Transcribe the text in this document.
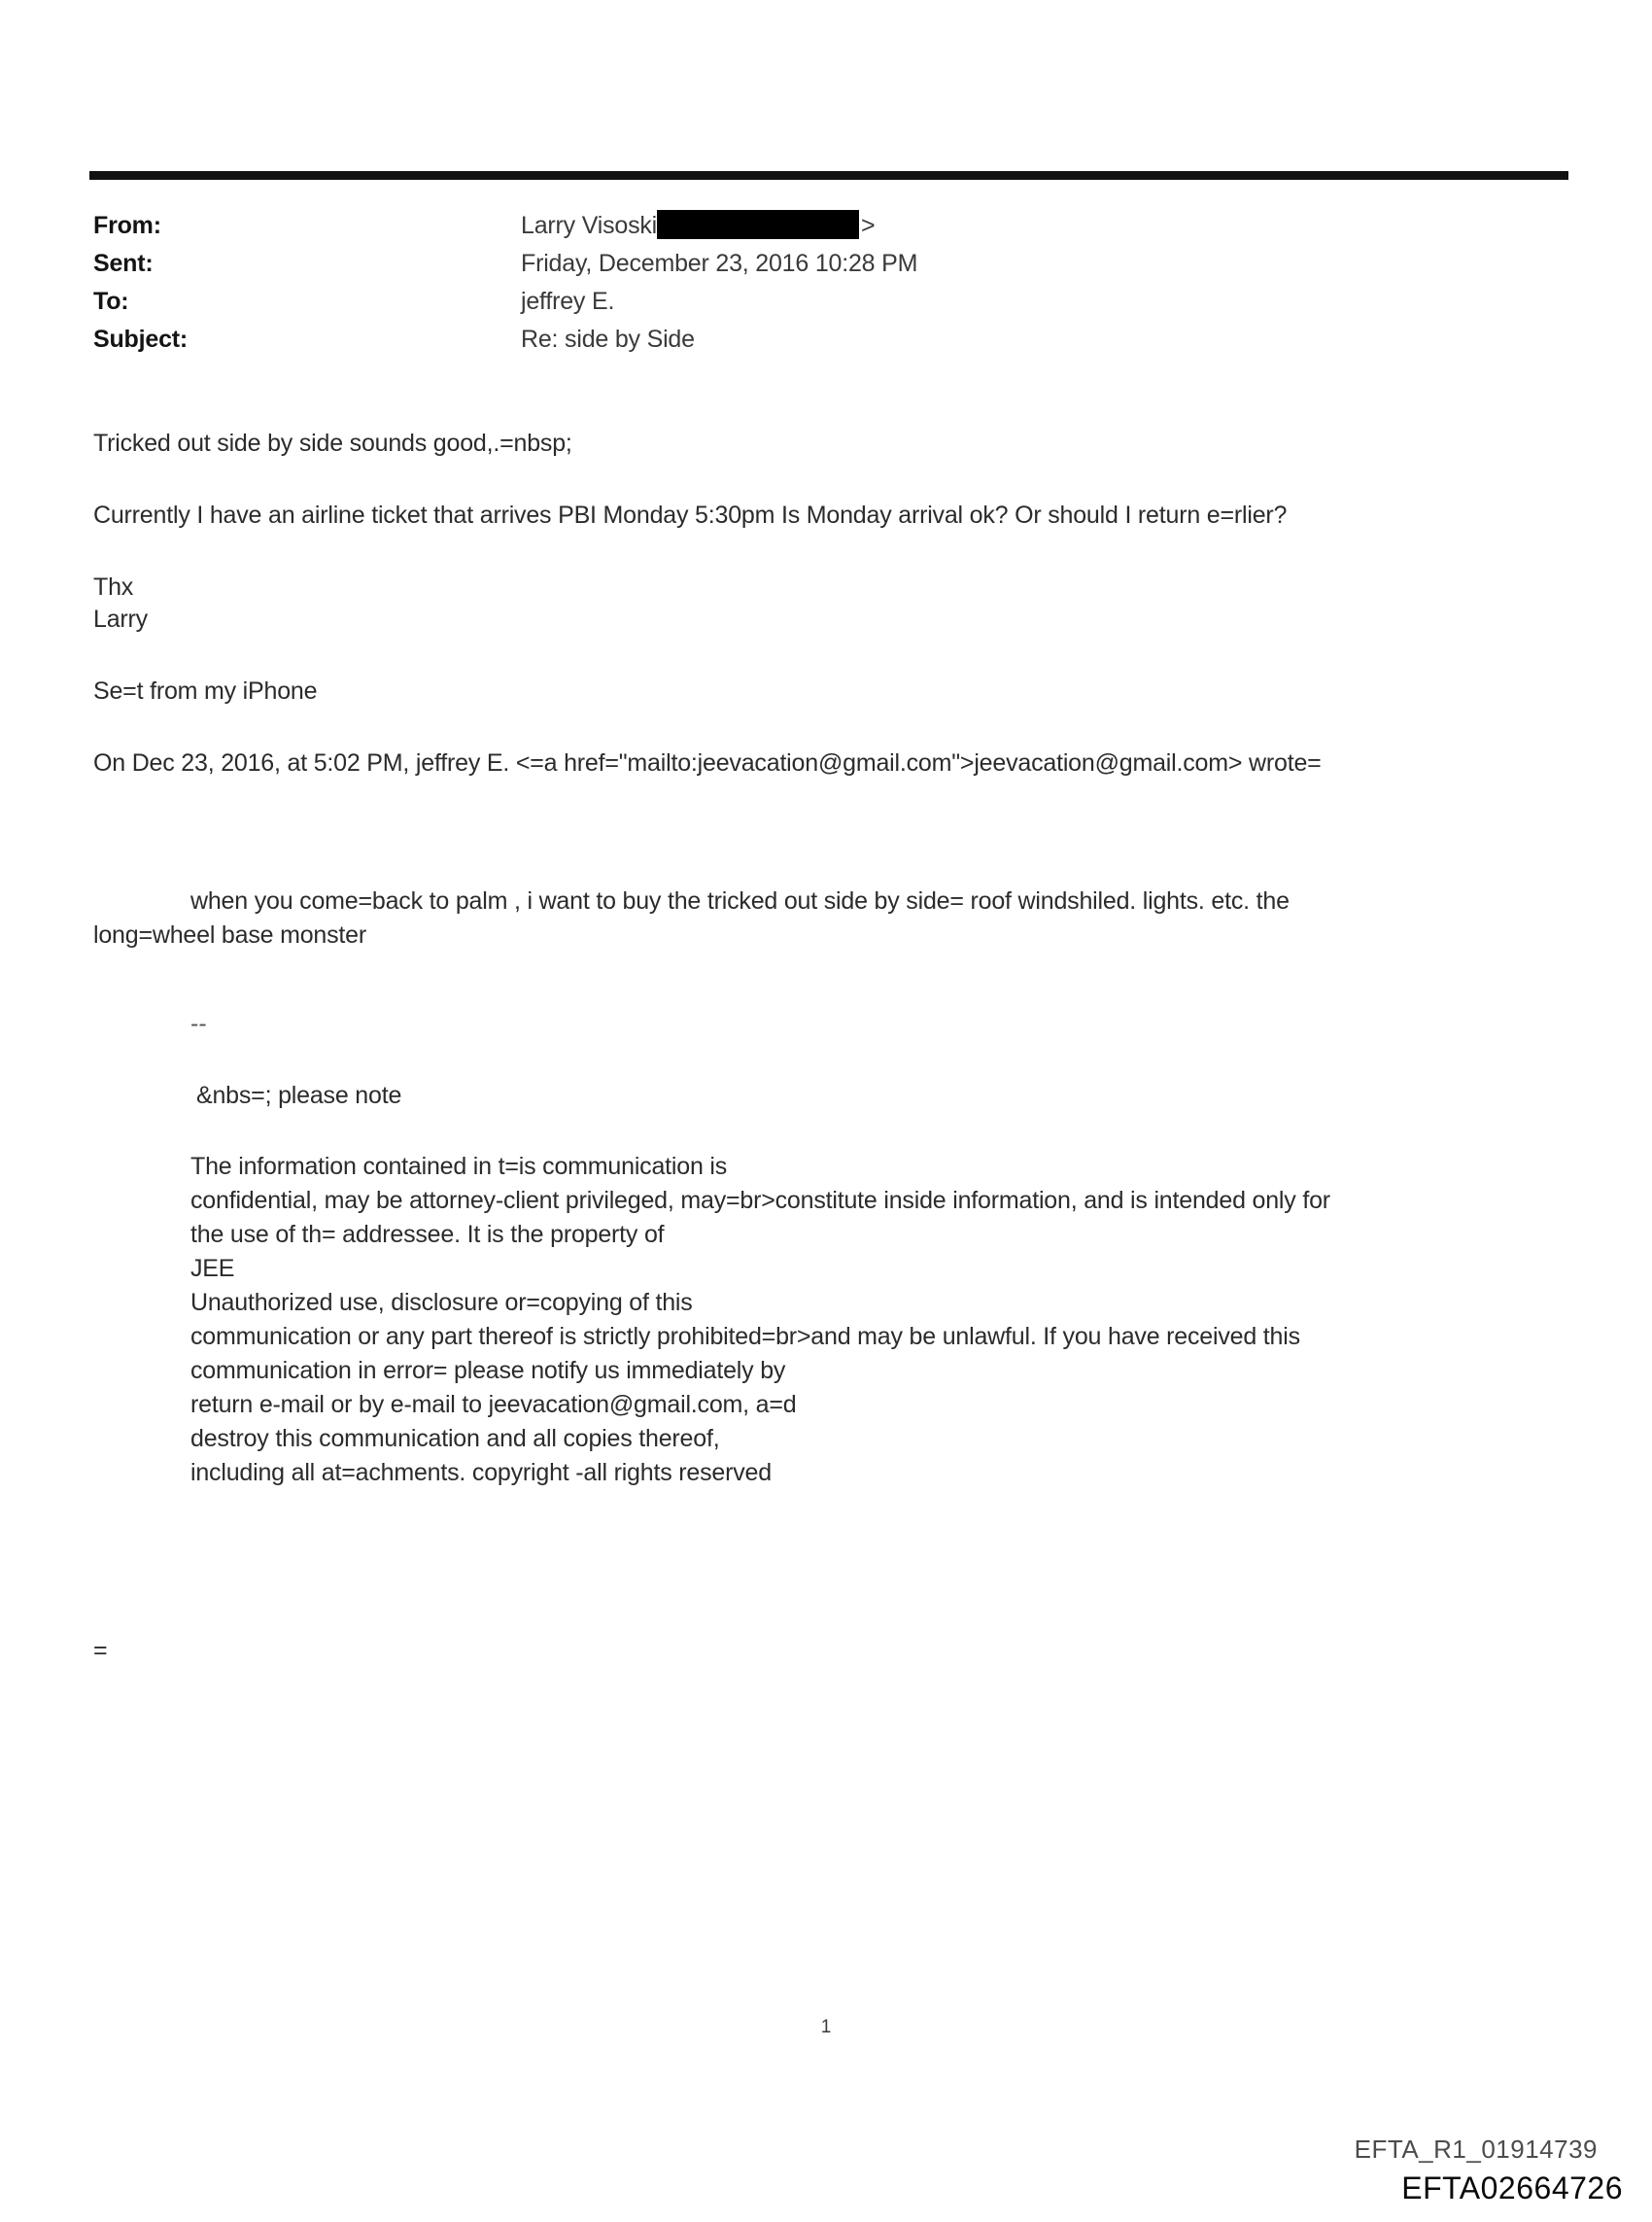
From:	Larry Visoski	>
Sent:	Friday, December 23, 2016 10:28 PM
To:	jeffrey E.
Subject:	Re: side by Side
Tricked out side by side sounds good,.=nbsp;
Currently I have an airline ticket that arrives PBI Monday 5:30pm Is Monday arrival ok? Or should I return e=rlier?
Thx
Larry
Se=t from my iPhone
On Dec 23, 2016, at 5:02 PM, jeffrey E. <=a href="mailto:jeevacation@gmail.com">jeevacation@gmail.com> wrote=
when you come=back to palm , i want to buy the tricked out side by side= roof windshiled. lights. etc. the
long=wheel base monster
--
&nbs=; please note
The information contained in t=is communication is
confidential, may be attorney-client privileged, may=br>constitute inside information, and is intended only for
the use of th= addressee. It is the property of
JEE
Unauthorized use, disclosure or=copying of this
communication or any part thereof is strictly prohibited=br>and may be unlawful. If you have received this
communication in error= please notify us immediately by
return e-mail or by e-mail to jeevacation@gmail.com, a=d
destroy this communication and all copies thereof,
including all at=achments. copyright -all rights reserved
=
1
EFTA_R1_01914739
EFTA02664726
